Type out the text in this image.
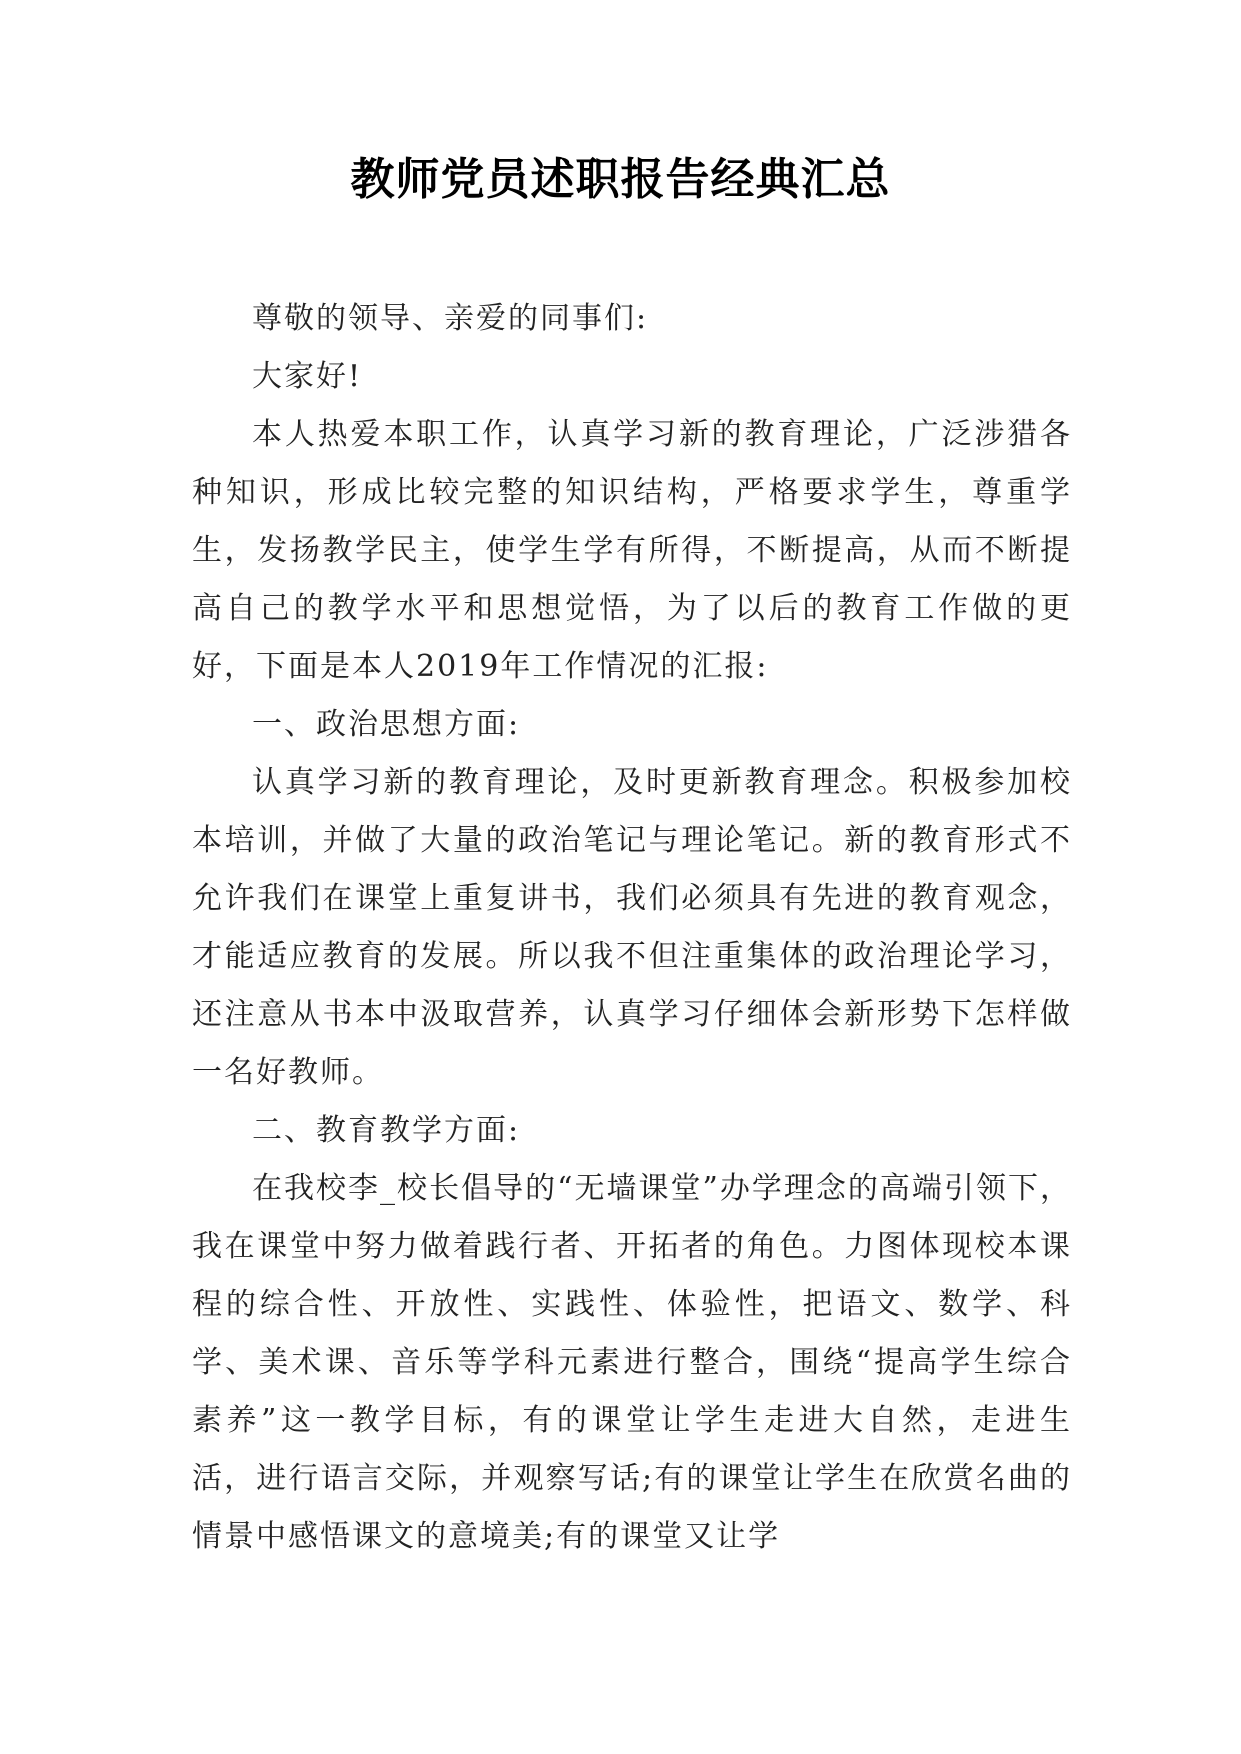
教师党员述职报告经典汇总

尊敬的领导、亲爱的同事们:

大家好!

本人热爱本职工作，认真学习新的教育理论，广泛涉猎各种知识，形成比较完整的知识结构，严格要求学生，尊重学生，发扬教学民主，使学生学有所得，不断提高，从而不断提高自己的教学水平和思想觉悟，为了以后的教育工作做的更好，下面是本人2019年工作情况的汇报:

一、政治思想方面:

认真学习新的教育理论，及时更新教育理念。积极参加校本培训，并做了大量的政治笔记与理论笔记。新的教育形式不允许我们在课堂上重复讲书，我们必须具有先进的教育观念，才能适应教育的发展。所以我不但注重集体的政治理论学习，还注意从书本中汲取营养，认真学习仔细体会新形势下怎样做一名好教师。

二、教育教学方面:

在我校李_校长倡导的“无墙课堂”办学理念的高端引领下，我在课堂中努力做着践行者、开拓者的角色。力图体现校本课程的综合性、开放性、实践性、体验性，把语文、数学、科学、美术课、音乐等学科元素进行整合，围绕“提高学生综合素养”这一教学目标，有的课堂让学生走进大自然，走进生活，进行语言交际，并观察写话;有的课堂让学生在欣赏名曲的情景中感悟课文的意境美;有的课堂又让学
